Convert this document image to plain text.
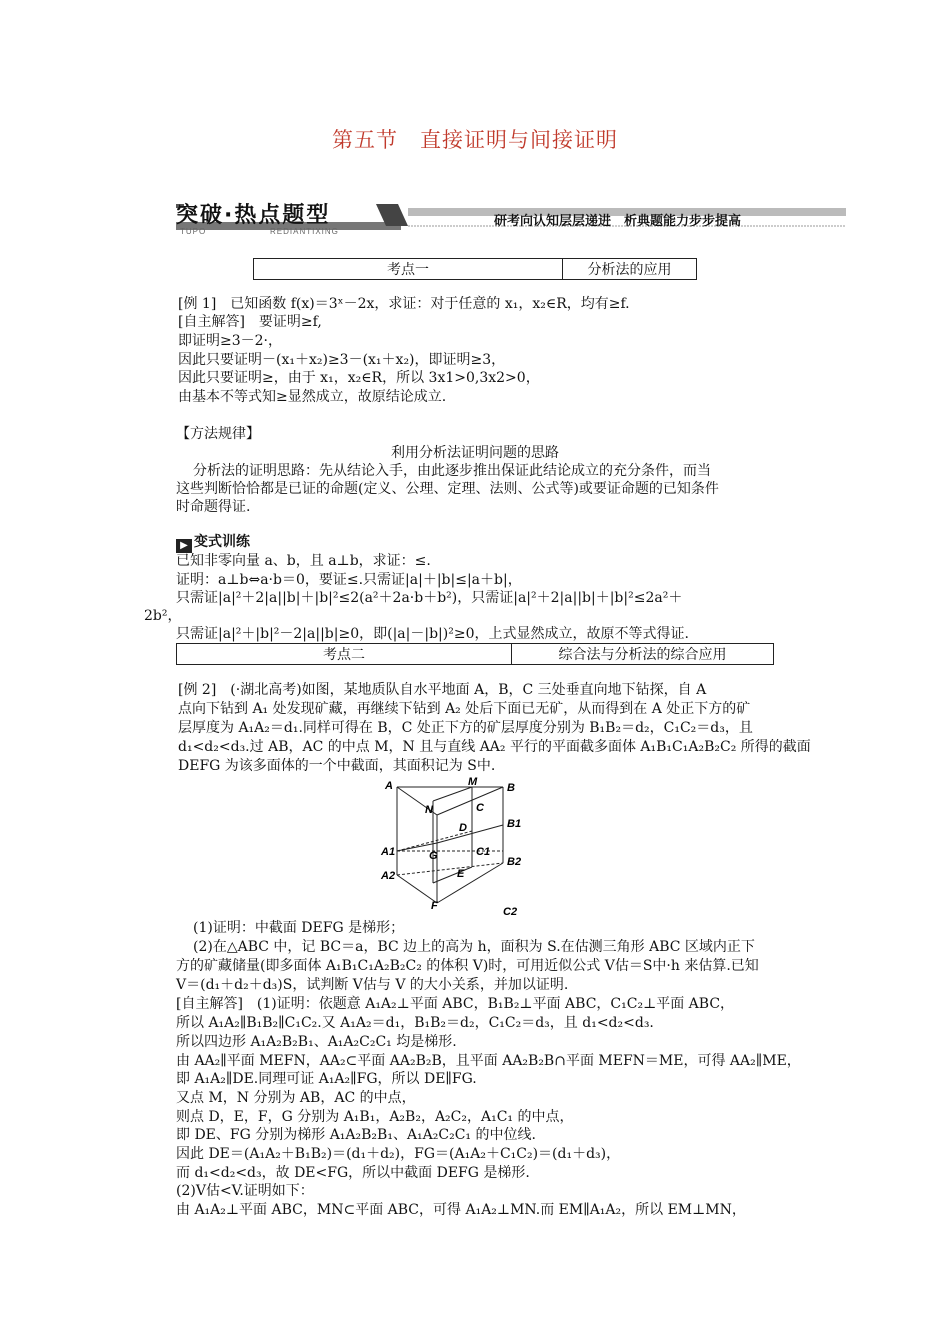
第五节　直接证明与间接证明
突破·热点题型
TUPO	REDIANTIXING
研考向认知层层递进　析典题能力步步提高
考点一	分析法的应用
[例 1]　已知函数 f(x)＝3ˣ－2x，求证：对于任意的 x₁，x₂∈R，均有≥f.
[自主解答]　要证明≥f,
即证明≥3－2·，
因此只要证明－(x₁＋x₂)≥3－(x₁＋x₂)，即证明≥3，
因此只要证明≥，由于 x₁，x₂∈R，所以 3x1>0,3x2>0，
由基本不等式知≥显然成立，故原结论成立.
【方法规律】
利用分析法证明问题的思路
分析法的证明思路：先从结论入手，由此逐步推出保证此结论成立的充分条件，而当
这些判断恰恰都是已证的命题(定义、公理、定理、法则、公式等)或要证命题的已知条件
时命题得证.
▶ 变式训练
已知非零向量 a、b，且 a⊥b，求证：≤.
证明：a⊥b⇔a·b＝0，要证≤.只需证|a|＋|b|≤|a＋b|，
只需证|a|²＋2|a||b|＋|b|²≤2(a²＋2a·b＋b²)，只需证|a|²＋2|a||b|＋|b|²≤2a²＋
2b²，
只需证|a|²＋|b|²－2|a||b|≥0，即(|a|－|b|)²≥0，上式显然成立，故原不等式得证.
考点二	综合法与分析法的综合应用
[例 2]　(·湖北高考)如图，某地质队自水平地面 A，B，C 三处垂直向地下钻探，自 A
点向下钻到 A₁ 处发现矿藏，再继续下钻到 A₂ 处后下面已无矿，从而得到在 A 处正下方的矿
层厚度为 A₁A₂＝d₁.同样可得在 B，C 处正下方的矿层厚度分别为 B₁B₂＝d₂，C₁C₂＝d₃，且
d₁<d₂<d₃.过 AB，AC 的中点 M，N 且与直线 AA₂ 平行的平面截多面体 A₁B₁C₁A₂B₂C₂ 所得的截面
DEFG 为该多面体的一个中截面，其面积记为 S中.
A	M	B
N	C
D	B1
A1	G	C1
B2
E
A2
F	C2
(1)证明：中截面 DEFG 是梯形；
(2)在△ABC 中，记 BC＝a，BC 边上的高为 h，面积为 S.在估测三角形 ABC 区域内正下
方的矿藏储量(即多面体 A₁B₁C₁A₂B₂C₂ 的体积 V)时，可用近似公式 V估＝S中·h 来估算.已知
V＝(d₁＋d₂＋d₃)S，试判断 V估与 V 的大小关系，并加以证明.
[自主解答]　(1)证明：依题意 A₁A₂⊥平面 ABC，B₁B₂⊥平面 ABC，C₁C₂⊥平面 ABC，
所以 A₁A₂∥B₁B₂∥C₁C₂.又 A₁A₂＝d₁，B₁B₂＝d₂，C₁C₂＝d₃，且 d₁<d₂<d₃.
所以四边形 A₁A₂B₂B₁、A₁A₂C₂C₁ 均是梯形.
由 AA₂∥平面 MEFN，AA₂⊂平面 AA₂B₂B，且平面 AA₂B₂B∩平面 MEFN＝ME，可得 AA₂∥ME，
即 A₁A₂∥DE.同理可证 A₁A₂∥FG，所以 DE∥FG.
又点 M，N 分别为 AB，AC 的中点，
则点 D，E，F，G 分别为 A₁B₁，A₂B₂，A₂C₂，A₁C₁ 的中点，
即 DE、FG 分别为梯形 A₁A₂B₂B₁、A₁A₂C₂C₁ 的中位线.
因此 DE＝(A₁A₂＋B₁B₂)＝(d₁＋d₂)，FG＝(A₁A₂＋C₁C₂)＝(d₁＋d₃)，
而 d₁<d₂<d₃，故 DE<FG，所以中截面 DEFG 是梯形.
(2)V估<V.证明如下：
由 A₁A₂⊥平面 ABC，MN⊂平面 ABC，可得 A₁A₂⊥MN.而 EM∥A₁A₂，所以 EM⊥MN，
